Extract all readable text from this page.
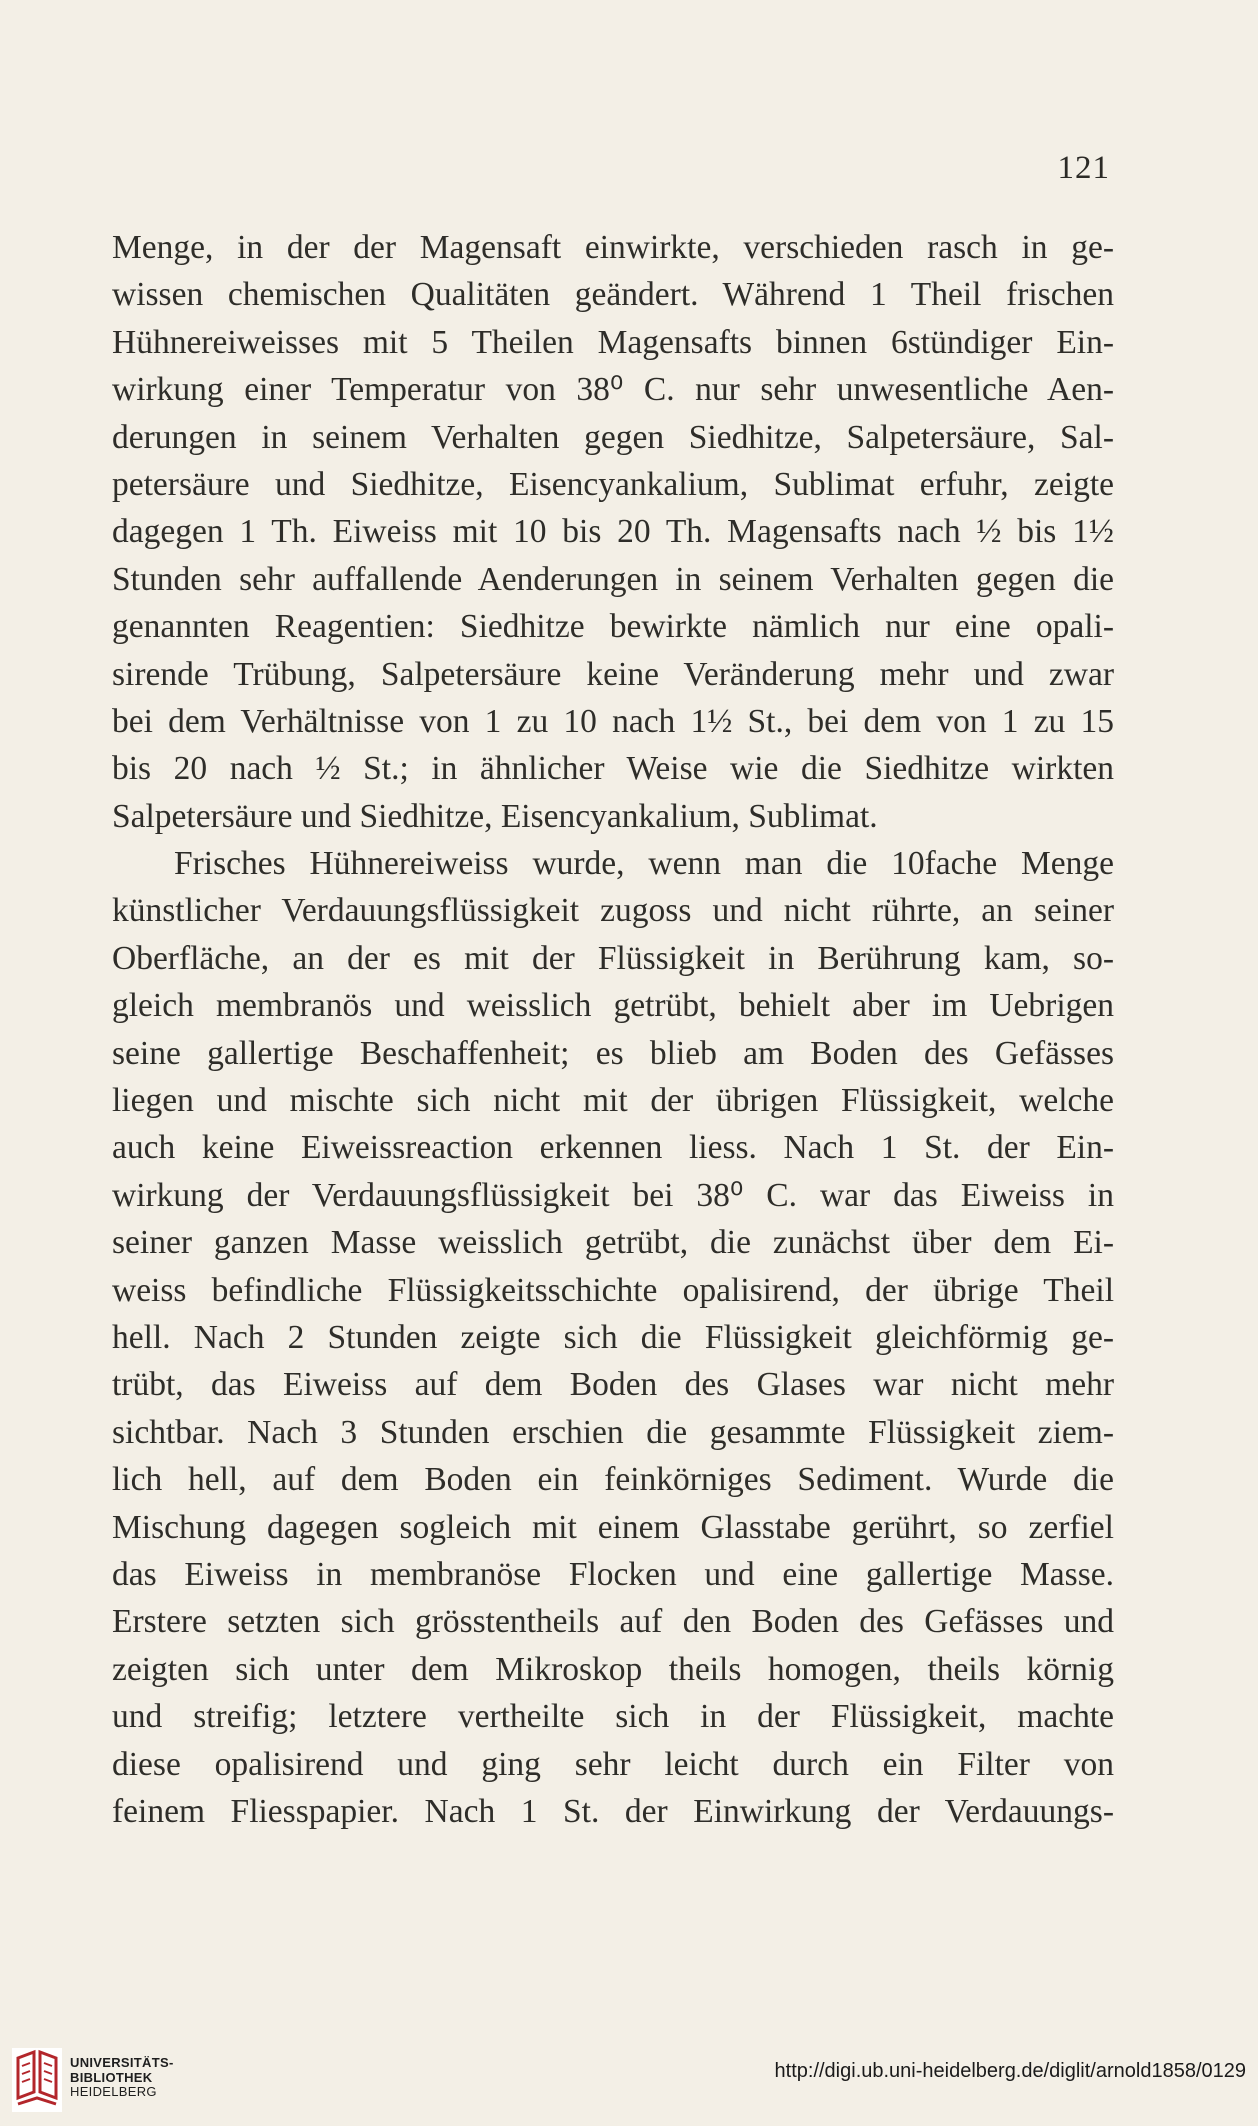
121
Menge, in der der Magensaft einwirkte, verschieden rasch in ge-
wissen chemischen Qualitäten geändert. Während 1 Theil frischen
Hühnereiweisses mit 5 Theilen Magensafts binnen 6stündiger Ein-
wirkung einer Temperatur von 38⁰ C. nur sehr unwesentliche Aen-
derungen in seinem Verhalten gegen Siedhitze, Salpetersäure, Sal-
petersäure und Siedhitze, Eisencyankalium, Sublimat erfuhr, zeigte
dagegen 1 Th. Eiweiss mit 10 bis 20 Th. Magensafts nach ½ bis 1½
Stunden sehr auffallende Aenderungen in seinem Verhalten gegen die
genannten Reagentien: Siedhitze bewirkte nämlich nur eine opali-
sirende Trübung, Salpetersäure keine Veränderung mehr und zwar
bei dem Verhältnisse von 1 zu 10 nach 1½ St., bei dem von 1 zu 15
bis 20 nach ½ St.; in ähnlicher Weise wie die Siedhitze wirkten
Salpetersäure und Siedhitze, Eisencyankalium, Sublimat.
Frisches Hühnereiweiss wurde, wenn man die 10fache Menge
künstlicher Verdauungsflüssigkeit zugoss und nicht rührte, an seiner
Oberfläche, an der es mit der Flüssigkeit in Berührung kam, so-
gleich membranös und weisslich getrübt, behielt aber im Uebrigen
seine gallertige Beschaffenheit; es blieb am Boden des Gefässes
liegen und mischte sich nicht mit der übrigen Flüssigkeit, welche
auch keine Eiweissreaction erkennen liess. Nach 1 St. der Ein-
wirkung der Verdauungsflüssigkeit bei 38⁰ C. war das Eiweiss in
seiner ganzen Masse weisslich getrübt, die zunächst über dem Ei-
weiss befindliche Flüssigkeitsschichte opalisirend, der übrige Theil
hell. Nach 2 Stunden zeigte sich die Flüssigkeit gleichförmig ge-
trübt, das Eiweiss auf dem Boden des Glases war nicht mehr
sichtbar. Nach 3 Stunden erschien die gesammte Flüssigkeit ziem-
lich hell, auf dem Boden ein feinkörniges Sediment. Wurde die
Mischung dagegen sogleich mit einem Glasstabe gerührt, so zerfiel
das Eiweiss in membranöse Flocken und eine gallertige Masse.
Erstere setzten sich grösstentheils auf den Boden des Gefässes und
zeigten sich unter dem Mikroskop theils homogen, theils körnig
und streifig; letztere vertheilte sich in der Flüssigkeit, machte
diese opalisirend und ging sehr leicht durch ein Filter von
feinem Fliesspapier. Nach 1 St. der Einwirkung der Verdauungs-
UNIVERSITÄTS-
BIBLIOTHEK
HEIDELBERG
http://digi.ub.uni-heidelberg.de/diglit/arnold1858/0129
